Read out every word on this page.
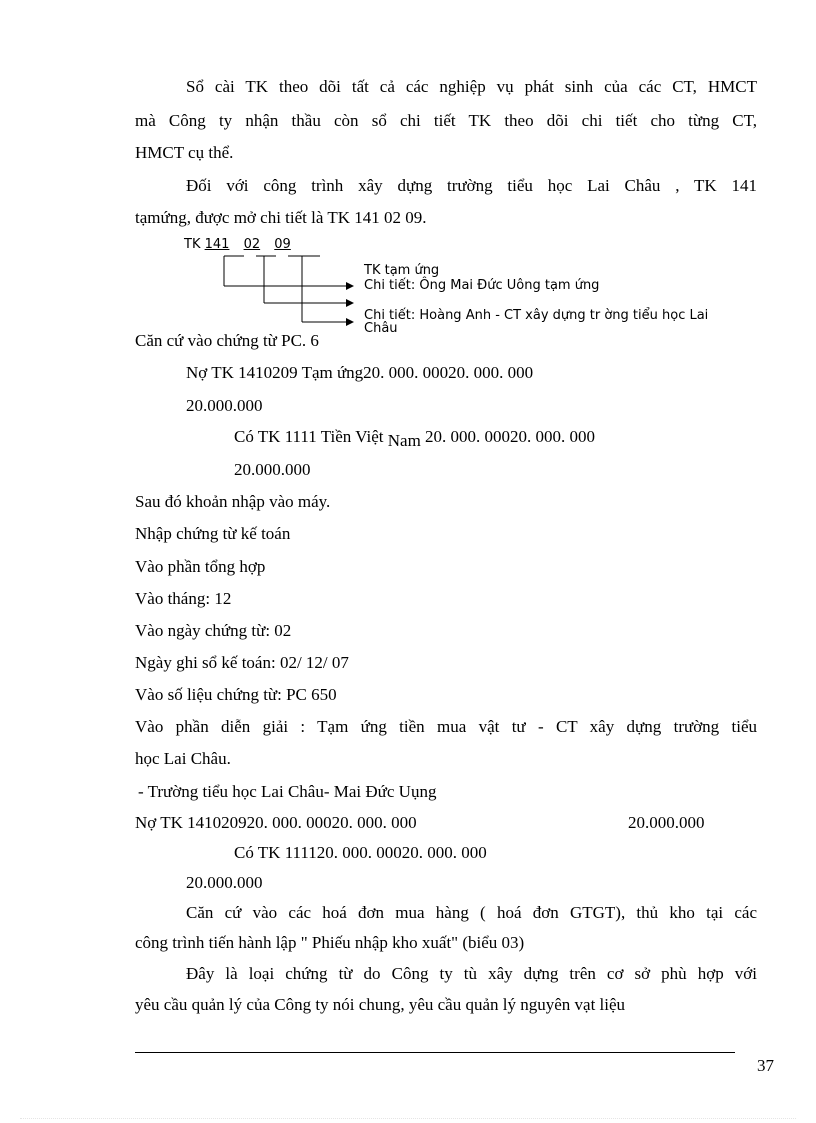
Sổ cài TK theo dõi tất cả các nghiệp vụ phát sinh của các CT, HMCT
mà Công ty nhận thầu còn sổ chi tiết TK theo dõi chi tiết cho từng CT,
HMCT cụ thể.
Đối với công trình xây dựng trường tiểu học Lai Châu , TK 141
tạmứng, được mở chi tiết là TK 141 02 09.
TK 141 02 09
TK tạm ứng
Chi tiết: Ông Mai Đức Uông tạm ứng
Chi tiết: Hoàng Anh - CT xây dựng tr ờng tiểu học Lai
Châu
Căn cứ vào chứng từ PC. 6
Nợ TK 1410209 Tạm ứng20. 000. 00020. 000. 000
20.000.000
Có TK 1111 Tiền Việt Nam 20. 000. 00020. 000. 000
20.000.000
Sau đó khoản nhập vào máy.
Nhập chứng từ kế toán
Vào phần tổng hợp
Vào tháng: 12
Vào ngày chứng từ: 02
Ngày ghi sổ kế toán: 02/ 12/ 07
Vào số liệu chứng từ: PC 650
Vào phần diễn giải : Tạm ứng tiền mua vật tư - CT xây dựng trường tiểu
học Lai Châu.
- Trường tiểu học Lai Châu- Mai Đức Uụng
Nợ TK 141020920. 000. 00020. 000. 000	20.000.000
Có TK 111120. 000. 00020. 000. 000
20.000.000
Căn cứ vào các hoá đơn mua hàng ( hoá đơn GTGT), thủ kho tại các
công trình tiến hành lập " Phiếu nhập kho xuất" (biểu 03)
Đây là loại chứng từ do Công ty tù xây dựng trên cơ sở phù hợp với
yêu cầu quản lý của Công ty nói chung, yêu cầu quản lý nguyên vạt liệu
37
